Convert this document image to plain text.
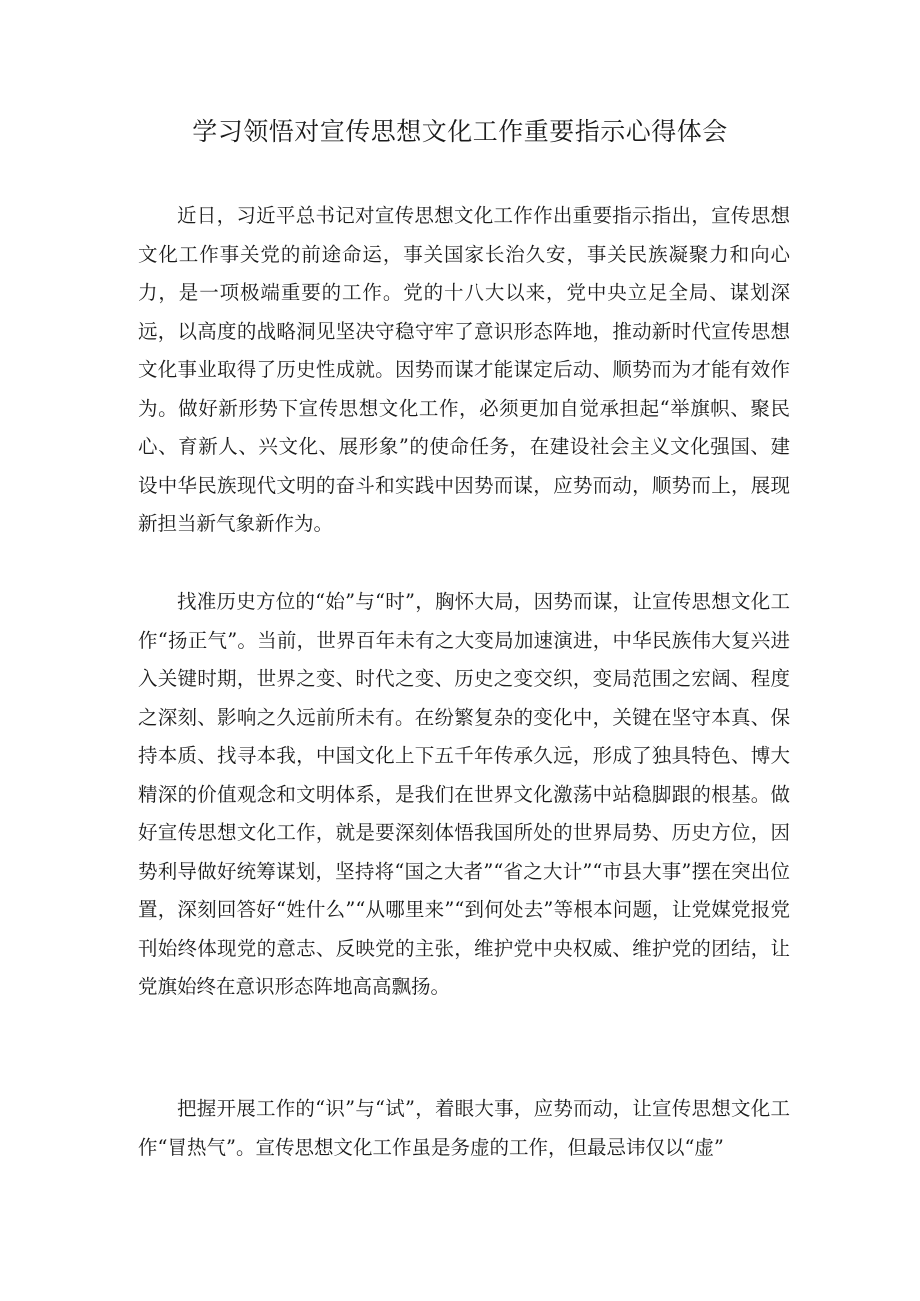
学习领悟对宣传思想文化工作重要指示心得体会

近日，习近平总书记对宣传思想文化工作作出重要指示指出，宣传思想文化工作事关党的前途命运，事关国家长治久安，事关民族凝聚力和向心力，是一项极端重要的工作。党的十八大以来，党中央立足全局、谋划深远，以高度的战略洞见坚决守稳守牢了意识形态阵地，推动新时代宣传思想文化事业取得了历史性成就。因势而谋才能谋定后动、顺势而为才能有效作为。做好新形势下宣传思想文化工作，必须更加自觉承担起“举旗帜、聚民心、育新人、兴文化、展形象”的使命任务，在建设社会主义文化强国、建设中华民族现代文明的奋斗和实践中因势而谋，应势而动，顺势而上，展现新担当新气象新作为。

找准历史方位的“始”与“时”，胸怀大局，因势而谋，让宣传思想文化工作“扬正气”。当前，世界百年未有之大变局加速演进，中华民族伟大复兴进入关键时期，世界之变、时代之变、历史之变交织，变局范围之宏阔、程度之深刻、影响之久远前所未有。在纷繁复杂的变化中，关键在坚守本真、保持本质、找寻本我，中国文化上下五千年传承久远，形成了独具特色、博大精深的价值观念和文明体系，是我们在世界文化激荡中站稳脚跟的根基。做好宣传思想文化工作，就是要深刻体悟我国所处的世界局势、历史方位，因势利导做好统筹谋划，坚持将“国之大者”“省之大计”“市县大事”摆在突出位置，深刻回答好“姓什么”“从哪里来”“到何处去”等根本问题，让党媒党报党刊始终体现党的意志、反映党的主张，维护党中央权威、维护党的团结，让党旗始终在意识形态阵地高高飘扬。

把握开展工作的“识”与“试”，着眼大事，应势而动，让宣传思想文化工作“冒热气”。宣传思想文化工作虽是务虚的工作，但最忌讳仅以“虚”
